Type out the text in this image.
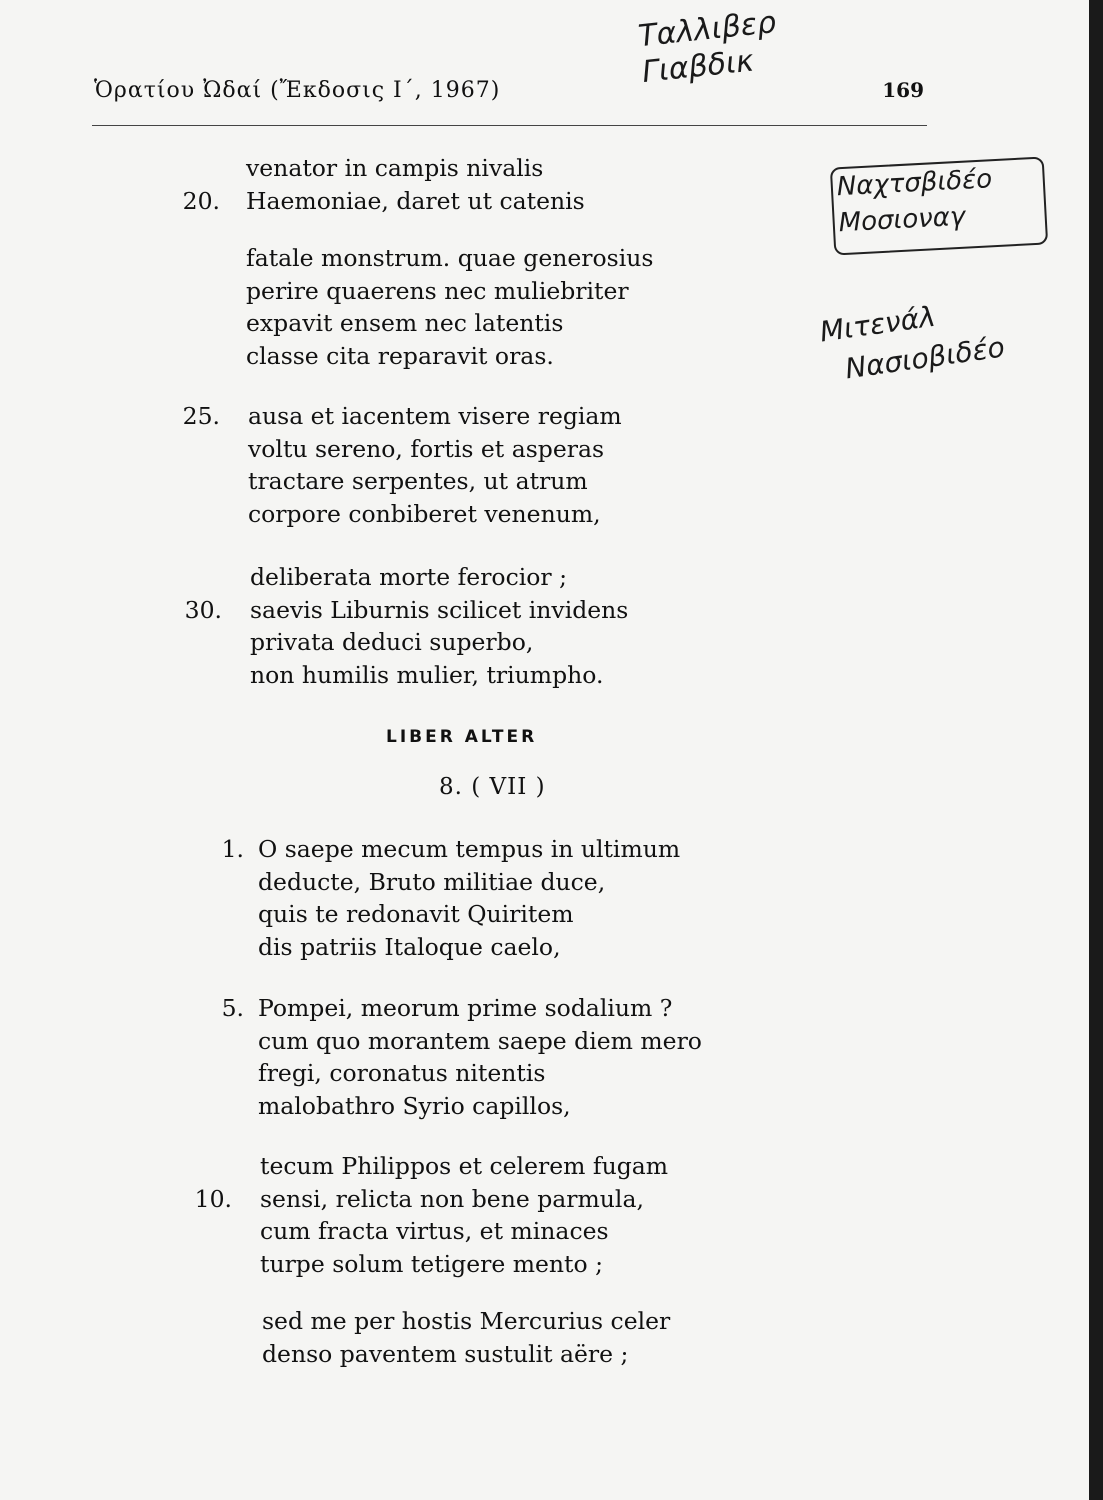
Ὁρατίου Ὠδαί (Ἔκδοσις Ι΄, 1967)	169
Ταλλιβερ
Γιαβδικ
Ναχτσβιδέο
Μοσιοναγ
Μιτενάλ
Νασιοβιδέο
venator in campis nivalis
20. Haemoniae, daret ut catenis
fatale monstrum. quae generosius
perire quaerens nec muliebriter
expavit ensem nec latentis
classe cita reparavit oras.
25. ausa et iacentem visere regiam
voltu sereno, fortis et asperas
tractare serpentes, ut atrum
corpore conbiberet venenum,
deliberata morte ferocior ;
30. saevis Liburnis scilicet invidens
privata deduci superbo,
non humilis mulier, triumpho.
LIBER ALTER
8. ( VII )
1. O saepe mecum tempus in ultimum
deducte, Bruto militiae duce,
quis te redonavit Quiritem
dis patriis Italoque caelo,
5. Pompei, meorum prime sodalium ?
cum quo morantem saepe diem mero
fregi, coronatus nitentis
malobathro Syrio capillos,
tecum Philippos et celerem fugam
10. sensi, relicta non bene parmula,
cum fracta virtus, et minaces
turpe solum tetigere mento ;
sed me per hostis Mercurius celer
denso paventem sustulit aëre ;
